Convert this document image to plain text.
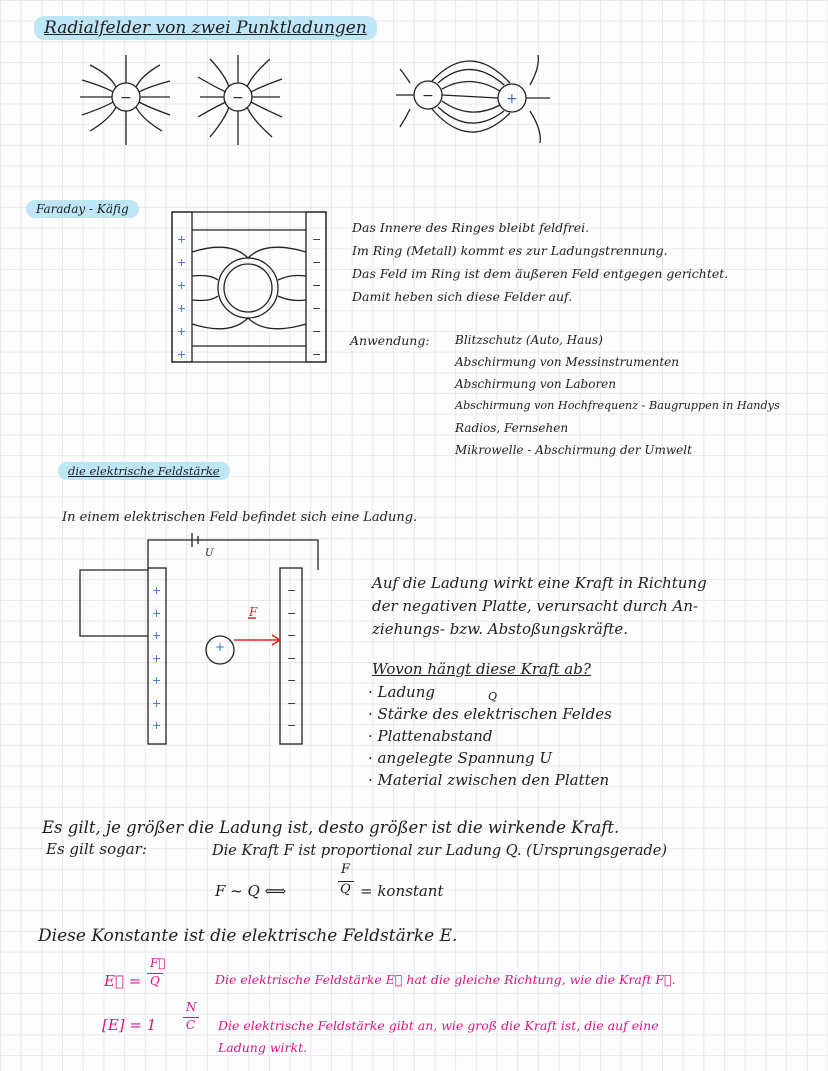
Radialfelder von zwei Punktladungen
−	−	−	+
Faraday - Käfig
+
+
+
+
+
+
−
−
−
−
−
−
Das Innere des Ringes bleibt feldfrei.
Im Ring (Metall) kommt es zur Ladungstrennung.
Das Feld im Ring ist dem äußeren Feld entgegen gerichtet.
Damit heben sich diese Felder auf.
Anwendung: Blitzschutz (Auto, Haus)
Abschirmung von Messinstrumenten
Abschirmung von Laboren
Abschirmung von Hochfrequenz - Baugruppen in Handys
Radios, Fernsehen
Mikrowelle - Abschirmung der Umwelt
die elektrische Feldstärke
In einem elektrischen Feld befindet sich eine Ladung.
U
F
+
+
+
+
+
+
+
+
−
−
−
−
−
−
−
Auf die Ladung wirkt eine Kraft in Richtung
der negativen Platte, verursacht durch An-
ziehungs- bzw. Abstoßungskräfte.
Wovon hängt diese Kraft ab?
· Ladung	Q
· Stärke des elektrischen Feldes
· Plattenabstand
· angelegte Spannung U
· Material zwischen den Platten
Es gilt, je größer die Ladung ist, desto größer ist die wirkende Kraft.
Es gilt sogar:	Die Kraft F ist proportional zur Ladung Q. (Ursprungsgerade)
F ~ Q ⟺
F
Q = konstant
Diese Konstante ist die elektrische Feldstärke E.
E⃗ =
F⃗
Q	Die elektrische Feldstärke E⃗ hat die gleiche Richtung, wie die Kraft F⃗.
[E] = 1
N
C Die elektrische Feldstärke gibt an, wie groß die Kraft ist, die auf eine
Ladung wirkt.
